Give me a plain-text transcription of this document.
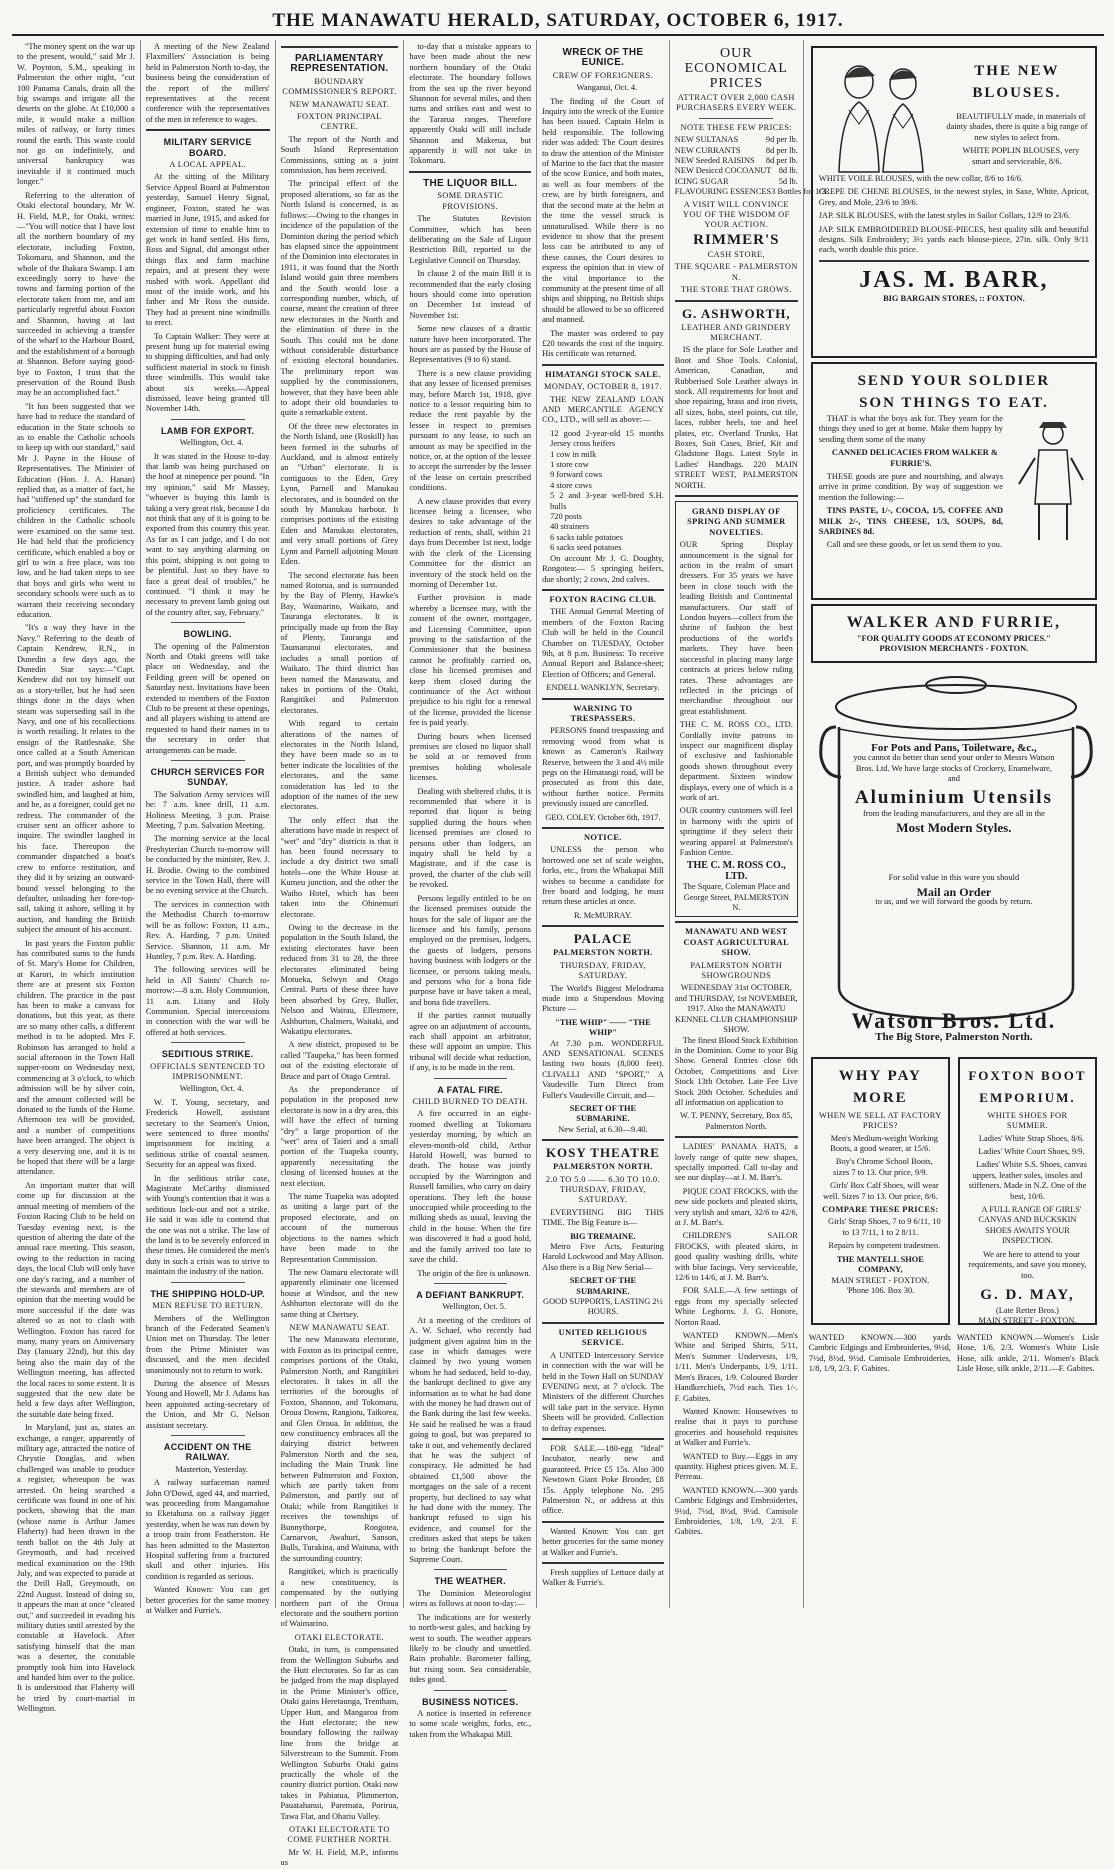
THE MANAWATU HERALD, SATURDAY, OCTOBER 6, 1917.

"The money spent on the war up to the present, would," said Mr J. W. Poynton, S.M., speaking in Palmerston the other night, "cut 100 Panama Canals, drain all the big swamps and irrigate all the deserts on the globe. At £10,000 a mile, it would make a million miles of railway, or forty times round the earth. This waste could not go on indefinitely, and universal bankruptcy was inevitable if it continued much longer."

Referring to the alteration of Otaki electoral boundary, Mr W. H. Field, M.P., for Otaki, writes:—"You will notice that I have lost all the northern boundary of my electorate, including Foxton, Tokomaru, and Shannon, and the whole of the Ihakara Swamp. I am exceedingly sorry to have the towns and farming portion of the electorate taken from me, and am particularly regretful about Foxton and Shannon, having at last succeeded in achieving a transfer of the wharf to the Harbour Board, and the establishment of a borough at Shannon. Before saying good-bye to Foxton, I trust that the preservation of the Round Bush may be an accomplished fact."

"It has been suggested that we have had to reduce the standard of education in the State schools so as to enable the Catholic schools to keep up with our standard," said Mr J. Payne in the House of Representatives. The Minister of Education (Hon. J. A. Hanan) replied that, as a matter of fact, he had "stiffened up" the standard for proficiency certificates. The children in the Catholic schools were examined on the same test. He had held that the proficiency certificate, which enabled a boy or girl to win a free place, was too low, and he had taken steps to see that boys and girls who went to secondary schools were such as to warrant their receiving secondary education.

"It's a way they have in the Navy." Referring to the death of Captain Kendrew, R.N., in Dunedin a few days ago, the Dunedin Star says:—"Capt. Kendrew did not toy himself out as a story-teller, but he had seen things done in the days when steam was superseding sail in the Navy, and one of his recollections is worth retailing. It relates to the ensign of the Rattlesnake. She once called at a South American port, and was promptly boarded by a British subject who demanded justice. A trader ashore had swindled him, and laughed at him, and he, as a foreigner, could get no redress. The commander of the cruiser sent an officer ashore to inquire. The swindler laughed in his face. Thereupon the commander dispatched a boat's crew to enforce restitution, and they did it by seizing an outward-bound vessel belonging to the defaulter, unloading her fore-top-sail, taking it ashore, selling it by auction, and handing the British subject the amount of his account.

In past years the Foxton public has contributed sums to the funds of St. Mary's Home for Children, at Karori, in which institution there are at present six Foxton children. The practice in the past has been to make a canvass for donations, but this year, as there are so many other calls, a different method is to be adopted. Mrs F. Robinson has arranged to hold a social afternoon in the Town Hall supper-room on Wednesday next, commencing at 3 o'clock, to which admission will be by silver coin, and the amount collected will be donated to the funds of the Home. Afternoon tea will be provided, and a number of competitions have been arranged. The object is a very deserving one, and it is to be hoped that there will be a large attendance.

An important matter that will come up for discussion at the annual meeting of members of the Foxton Racing Club to be held on Tuesday evening next, is the question of altering the date of the annual race meeting. This season, owing to the reduction in racing days, the local Club will only have one day's racing, and a number of the stewards and members are of opinion that the meeting would be more successful if the date was altered so as not to clash with Wellington. Foxton has raced for many, many years on Anniversary Day (January 22nd), but this day being also the main day of the Wellington meeting, has affected the local races to some extent. It is suggested that the new date be held a few days after Wellington, the suitable date being fixed.

In Maryland, just as, states an exchange, a ranger, apparently of military age, attracted the notice of Chrystie Douglas, and when challenged was unable to produce a register, whereupon he was arrested. On being searched a certificate was found in one of his pockets, showing that the man (whose name is Arthur James Flaherty) had been drawn in the tenth ballot on the 4th July at Greymouth, and had received medical examination on the 19th July, and was expected to parade at the Drill Hall, Greymouth, on 22nd August. Instead of doing so, it appears the man at once "cleared out," and succeeded in evading his military duties until arrested by the constable at Havelock. After satisfying himself that the man was a deserter, the constable promptly took him into Havelock and handed him over to the police. It is understood that Flaherty will be tried by court-martial in Wellington.

A meeting of the New Zealand Flaxmillers' Association is being held in Palmerston North to-day, the business being the consideration of the report of the millers' representatives at the recent conference with the representatives of the men in reference to wages.

MILITARY SERVICE BOARD.
A LOCAL APPEAL.

At the sitting of the Military Service Appeal Board at Palmerston yesterday, Samuel Henry Signal, engineer, Foxton, stated he was married in June, 1915, and asked for extension of time to enable him to get work in hand settled. His firm, Ross and Signal, did amongst other things flax and farm machine repairs, and at present they were rushed with work. Appellant did most of the inside work, and his father and Mr Ross the outside. They had at present nine windmills to erect.

To Captain Walker: They were at present hung up for material owing to shipping difficulties, and had only sufficient material in stock to finish three windmills. This would take about six weeks.—Appeal dismissed, leave being granted till November 14th.

LAMB FOR EXPORT.

Wellington, Oct. 4.

It was stated in the House to-day that lamb was being purchased on the hoof at ninepence per pound. "In my opinion," said Mr Massey, "whoever is buying this lamb is taking a very great risk, because I do not think that any of it is going to be exported from this country this year. As far as I can judge, and I do not want to say anything alarming on this point, shipping is not going to be plentiful. Just so they have to face a great deal of troubles," he continued. "I think it may be necessary to prevent lamb going out of the country after, say, February."

BOWLING.

The opening of the Palmerston North and Otaki greens will take place on Wednesday, and the Feilding green will be opened on Saturday next. Invitations have been extended to members of the Foxton Club to be present at these openings, and all players wishing to attend are requested to hand their names in to the secretary in order that arrangements can be made.

CHURCH SERVICES FOR SUNDAY.

The Salvation Army services will be: 7 a.m. knee drill, 11 a.m. Holiness Meeting, 3 p.m. Praise Meeting, 7 p.m. Salvation Meeting.

The morning service at the local Presbyterian Church to-morrow will be conducted by the minister, Rev. J. H. Brodie. Owing to the combined service in the Town Hall, there will be no evening service at the Church.

The services in connection with the Methodist Church to-morrow will be as follow: Foxton, 11 a.m., Rev. A. Harding, 7 p.m. United Service. Shannon, 11 a.m. Mr Huntley, 7 p.m. Rev. A. Harding.

The following services will be held in All Saints' Church to-morrow:—8 a.m. Holy Communion, 11 a.m. Litany and Holy Communion. Special intercessions in connection with the war will be offered at both services.

SEDITIOUS STRIKE.
OFFICIALS SENTENCED TO IMPRISONMENT.

Wellington, Oct. 4.

W. T. Young, secretary, and Frederick Howell, assistant secretary to the Seamen's Union, were sentenced to three months' imprisonment for inciting a seditious strike of coastal seamen. Security for an appeal was fixed.

In the seditious strike case, Magistrate McCarthy dismissed with Young's contention that it was a seditious lock-out and not a strike. He said it was idle to contend that the one was not a strike. The law of the land is to be severely enforced in these times. He considered the men's duty in such a crisis was to strive to maintain the industry of the nation.

THE SHIPPING HOLD-UP.
MEN REFUSE TO RETURN.

Members of the Wellington branch of the Federated Seamen's Union met on Thursday. The letter from the Prime Minister was discussed, and the men decided unanimously not to return to work.

During the absence of Messrs Young and Howell, Mr J. Adams has been appointed acting-secretary of the Union, and Mr G. Nelson assistant secretary.

ACCIDENT ON THE RAILWAY.

Masterton, Yesterday.

A railway surfaceman named John O'Dowd, aged 44, and married, was proceeding from Mangamahoe to Eketahuna on a railway jigger yesterday, when he was run down by a troop train from Featherston. He has been admitted to the Masterton Hospital suffering from a fractured skull and other injuries. His condition is regarded as serious.

Wanted Known: You can get better groceries for the same money at Walker and Furrie's.

PARLIAMENTARY REPRESENTATION.
BOUNDARY COMMISSIONER'S REPORT.
NEW MANAWATU SEAT.
FOXTON PRINCIPAL CENTRE.

The report of the North and South Island Representation Commissions, sitting as a joint commission, has been received.

The principal effect of the proposed alterations, so far as the North Island is concerned, is as follows:—Owing to the changes in incidence of the population of the Dominion during the period which has elapsed since the appointment of the Dominion into electorates in 1911, it was found that the North Island would gain three members and the South would lose a corresponding number, which, of course, meant the creation of three new electorates in the North and the elimination of three in the South. This could not be done without considerable disturbance of existing electoral boundaries. The preliminary report was supplied by the commissioners, however, that they have been able to adopt their old boundaries to quite a remarkable extent.

Of the three new electorates in the North Island, one (Roskill) has been formed in the suburbs of Auckland, and is almost entirely an "Urban" electorate. It is contiguous to the Eden, Grey Lynn, Parnell and Manukau electorates, and is bounded on the south by Manukau harbour. It comprises portions of the existing Eden and Manukau electorates, and very small portions of Grey Lynn and Parnell adjoining Mount Eden.

The second electorate has been named Rotorua, and is surrounded by the Bay of Plenty, Hawke's Bay, Waimarino, Waikato, and Tauranga electorates. It is principally made up from the Bay of Plenty, Tauranga and Taumarunui electorates, and includes a small portion of Waikato. The third district has been named the Manawatu, and takes in portions of the Otaki, Rangitikei and Palmerston electorates.

With regard to certain alterations of the names of electorates in the North Island, they have been made so as to better indicate the localities of the electorates, and the same consideration has led to the adoption of the names of the new electorates.

The only effect that the alterations have made in respect of "wet" and "dry" districts is that it has been found necessary to include a dry district two small hotels—one the White House at Kumeu junction, and the other the Waiho Hotel, which has been taken into the Ohinemuri electorate.

Owing to the decrease in the population in the South Island, the existing electorates have been reduced from 31 to 28, the three electorates eliminated being Motueka, Selwyn and Otago Central. Parts of these three have been absorbed by Grey, Buller, Nelson and Wairau, Ellesmere, Ashburton, Chalmers, Waitaki, and Wakatipu electorates.

A new district, proposed to be called "Taupeka," has been formed out of the existing electorate of Bruce and part of Otago Central.

As the preponderance of population in the proposed new electorate is now in a dry area, this will have the effect of turning "dry" a large proportion of the "wet" area of Taieri and a small portion of the Tuapeka county, apparently necessitating the closing of licensed houses at the next election.

The name Tuapeka was adopted as uniting a large part of the proposed electorate, and on account of the numerous objections to the names which have been made to the Representation Commission.

The new Oamaru electorate will apparently eliminate one licensed house at Windsor, and the new Ashburton electorate will do the same thing at Chertsey.

NEW MANAWATU SEAT.

The new Manawatu electorate, with Foxton as its principal centre, comprises portions of the Otaki, Palmerston North, and Rangitikei electorates. It takes in all the territories of the boroughs of Foxton, Shannon, and Tokomaru, Oroua Downs, Rangiotu, Taikorea, and Glen Oroua. In addition, the new constituency embraces all the dairying district between Palmerston North and the sea, including the Main Trunk line between Palmerston and Foxton, which are partly taken from Palmerston, and partly out of Otaki; while from Rangitikei it receives the townships of Bunnythorpe, Rongotea, Carnarvon, Awahuri, Sanson, Bulls, Turakina, and Waituna, with the surrounding country.

Rangitikei, which is practically a new constituency, is compensated by the outlying northern part of the Oroua electorate and the southern portion of Waimarino.

OTAKI ELECTORATE.

Otaki, in turn, is compensated from the Wellington Suburbs and the Hutt electorates. So far as can be judged from the map displayed in the Prime Minister's office, Otaki gains Heretaunga, Trentham, Upper Hutt, and Mangaroa from the Hutt electorate; the new boundary following the railway line from the bridge at Silverstream to the Summit. From Wellington Suburbs Otaki gains practically the whole of the country district portion. Otaki now takes in Pahiatua, Plimmerton, Pauatahanui, Paremata, Porirua, Tawa Flat, and Ohariu Valley.

OTAKI ELECTORATE TO COME FURTHER NORTH.

Mr W. H. Field, M.P., informs us

to-day that a mistake appears to have been made about the new northern boundary of the Otaki electorate. The boundary follows from the sea up the river beyond Shannon for several miles, and then turns and strikes east and west to the Tararua ranges. Therefore apparently Otaki will still include Shannon and Makerua, but apparently it will not take in Tokomaru.

THE LIQUOR BILL.
SOME DRASTIC PROVISIONS.

The Statutes Revision Committee, which has been deliberating on the Sale of Liquor Restriction Bill, reported to the Legislative Council on Thursday.

In clause 2 of the main Bill it is recommended that the early closing hours should come into operation on December 1st instead of November 1st.

Some new clauses of a drastic nature have been incorporated. The hours are as passed by the House of Representatives (9 to 6) stand.

There is a new clause providing that any lessee of licensed premises may, before March 1st, 1918, give notice to a lessor requiring him to reduce the rent payable by the lessee in respect to premises pursuant to any lease, to such an amount as may be specified in the notice, or, at the option of the lessee to accept the surrender by the lessee of the lease on certain prescribed conditions.

A new clause provides that every licensee being a licensee, who desires to take advantage of the reduction of rents, shall, within 21 days from December 1st next, lodge with the clerk of the Licensing Committee for the district an inventory of the stock held on the morning of December 1st.

Further provision is made whereby a licensee may, with the consent of the owner, mortgagee, and Licensing Committee, upon proving to the satisfaction of the Commissioner that the business cannot be profitably carried on, close his licensed premises and keep them closed during the continuance of the Act without prejudice to his right for a renewal of the license, provided the license fee is paid yearly.

During hours when licensed premises are closed no liquor shall be sold at or removed from premises holding wholesale licenses.

Dealing with sheltered clubs, it is recommended that where it is reported that liquor is being supplied during the hours when licensed premises are closed to persons other than lodgers, an inquiry shall be held by a Magistrate, and if the case is proved, the charter of the club will be revoked.

Persons legally entitled to be on the licensed premises outside the hours for the sale of liquor are the licensee and his family, persons employed on the premises, lodgers, the guests of lodgers, persons having business with lodgers or the licensee, or persons taking meals, and persons who for a bona fide purpose have or have taken a meal, and bona fide travellers.

If the parties cannot mutually agree on an adjustment of accounts, each shall appoint an arbitrator, these will appoint an umpire. This tribunal will decide what reduction, if any, is to be made in the rent.

A FATAL FIRE.
CHILD BURNED TO DEATH.

A fire occurred in an eight-roomed dwelling at Tokomaru yesterday morning, by which an eleven-month-old child, Arthur Harold Howell, was burned to death. The house was jointly occupied by the Warrington and Russell families, who carry on dairy operations. They left the house unoccupied while proceeding to the milking sheds as usual, leaving the child in the house. When the fire was discovered it had a good hold, and the family arrived too late to save the child.

The origin of the fire is unknown.

A DEFIANT BANKRUPT.

Wellington, Oct. 5.

At a meeting of the creditors of A. W. Schaef, who recently had judgment given against him in the case in which damages were claimed by two young women whom he had seduced, held to-day, the bankrupt declined to give any information as to what he had done with the money he had drawn out of the Bank during the last few weeks. He said he realised he was a fraud going to goal, but was prepared to take it out, and vehemently declared that he was the subject of conspiracy. He admitted he had obtained £1,500 above the mortgages on the sale of a recent property, but declined to say what he had done with the money. The bankrupt refused to sign his evidence, and counsel for the creditors asked that steps be taken to bring the bankrupt before the Supreme Court.

THE WEATHER.

The Dominion Meteorologist wires as follows at noon to-day:—

The indications are for westerly to north-west gales, and backing by west to south. The weather appears likely to be cloudy and unsettled. Rain probable. Barometer falling, but rising soon. Sea considerable, tides good.

BUSINESS NOTICES.

A notice is inserted in reference to some scale weights, forks, etc., taken from the Whakapai Mill.

WRECK OF THE EUNICE.
CREW OF FOREIGNERS.

Wanganui, Oct. 4.

The finding of the Court of Inquiry into the wreck of the Eunice has been issued. Captain Helm is held responsible. The following rider was added: The Court desires to draw the attention of the Minister of Marine to the fact that the master of the scow Eunice, and both mates, as well as four members of the crew, are by birth foreigners, and that the second mate at the helm at the time the vessel struck is unnaturalised. While there is no evidence to show that the present loss can be attributed to any of these causes, the Court desires to express the opinion that in view of the vital importance to the community at the present time of all ships and shipping, no British ships should be allowed to be so officered and manned.

The master was ordered to pay £20 towards the cost of the inquiry. His certificate was returned.

HIMATANGI STOCK SALE.
MONDAY, OCTOBER 8, 1917.

THE NEW ZEALAND LOAN AND MERCANTILE AGENCY CO., LTD., will sell as above:—

12 good 2-year-old 15 months Jersey cross heifers
1 cow in milk
1 store cow
9 forward cows
4 store cows
5 2 and 3-year well-bred S.H. bulls
720 posts
40 strainers
6 sacks table potatoes
6 sacks seed potatoes

On account Mr J. G. Doughty, Rongotea:— 5 springing heifers, due shortly; 2 cows, 2nd calves.

FOXTON RACING CLUB.

THE Annual General Meeting of members of the Foxton Racing Club will be held in the Council Chamber on TUESDAY, October 9th, at 8 p.m. Business: To receive Annual Report and Balance-sheet; Election of Officers; and General.

ENDELL WANKLYN, Secretary.
WARNING TO TRESPASSERS.

PERSONS found trespassing and removing wood from what is known as Cameron's Railway Reserve, between the 3 and 4½ mile pegs on the Himatangi road, will be prosecuted as from this date, without further notice. Permits previously issued are cancelled.

GEO. COLEY. October 6th, 1917.
NOTICE.

UNLESS the person who borrowed one set of scale weights, forks, etc., from the Whakapai Mill wishes to become a candidate for free board and lodging, he must return these articles at once.

R. McMURRAY.
PALACE
PALMERSTON NORTH.
THURSDAY, FRIDAY, SATURDAY.

The World's Biggest Melodrama made into a Stupendous Moving Picture —

"THE WHIP" —— "THE WHIP"

At 7.30 p.m. WONDERFUL AND SENSATIONAL SCENES lasting two hours (8,000 feet). CLIVALLI AND "SPORT," A Vaudeville Turn Direct from Fuller's Vaudeville Circuit, and—

SECRET OF THE SUBMARINE.
New Serial, at 6.30—9.40.
KOSY THEATRE
PALMERSTON NORTH.
2.0 TO 5.0 —— 6.30 TO 10.0. THURSDAY, FRIDAY, SATURDAY.

EVERYTHING BIG THIS TIME. The Big Feature is—

BIG TREMAINE.

Metro Five Acts, Featuring Harold Lockwood and May Allison. Also there is a Big New Serial—

SECRET OF THE SUBMARINE.
GOOD SUPPORTS, LASTING 2½ HOURS.
UNITED RELIGIOUS SERVICE.

A UNITED Intercessory Service in connection with the war will be held in the Town Hall on SUNDAY EVENING next, at 7 o'clock. The Ministers of the different Churches will take part in the service. Hymn Sheets will be provided. Collection to defray expenses.

FOR SALE.—180-egg "Ideal" Incubator, nearly new and guaranteed. Price £5 15s. Also 300 Newtown Giant Poke Brooder, £8 15s. Apply telephone No. 295 Palmerston N., or address at this office.

Wanted Known: You can get better groceries for the same money at Walker and Furrie's.

Fresh supplies of Lettuce daily at Walker & Furrie's.

OUR ECONOMICAL
PRICES
ATTRACT OVER 2,000 CASH PURCHASERS EVERY WEEK.
NOTE THESE FEW PRICES:
NEW SULTANAS	9d per lb.
NEW CURRANTS	8d per lb.
NEW Seeded RAISINS 8d per lb.
NEW Desiccd COCOANUT 8d lb.
ICING SUGAR	5d lb.
FLAVOURING ESSENCES 3 Bottles for 1/3.
A VISIT WILL CONVINCE YOU OF THE WISDOM OF YOUR ACTION.
RIMMER'S
CASH STORE,
THE SQUARE - PALMERSTON N.
THE STORE THAT GROWS.
G. ASHWORTH,
LEATHER AND GRINDERY MERCHANT.

IS the place for Sole Leather and Boot and Shoe Tools. Colonial, American, Canadian, and Rubberised Sole Leather always in stock. All requirements for boot and shoe repairing, brass and iron rivets, all sizes, hobs, steel points, cut tile, laces, rubber heels, toe and heel plates, etc. Overland Trunks, Hat Boxes, Suit Cases, Brief, Kit and Gladstone Bags. Latest Style in Ladies' Handbags. 220 MAIN STREET WEST, PALMERSTON NORTH.

GRAND DISPLAY OF SPRING AND SUMMER NOVELTIES.

OUR Spring Display announcement is the signal for action in the realm of smart dressers. For 35 years we have been in close touch with the leading British and Continental manufacturers. Our staff of London buyers—collect from the shrine of fashion the best productions of the world's markets. They have been successful in placing many large contracts at prices below ruling rates. These advantages are reflected in the pricings of merchandise throughout our great establishment.

THE C. M. ROSS CO., LTD. Cordially invite patrons to inspect our magnificent display of exclusive and fashionable goods shown throughout every department. Sixteen window displays, every one of which is a work of art.

OUR country customers will feel in harmony with the spirit of springtime if they select their wearing apparel at Palmerston's Fashion Centre.

THE C. M. ROSS CO., LTD.
The Square, Coleman Place and George Street, PALMERSTON N.
MANAWATU AND WEST COAST AGRICULTURAL SHOW.
PALMERSTON NORTH SHOWGROUNDS
WEDNESDAY 31st OCTOBER, and THURSDAY, 1st NOVEMBER, 1917. Also the MANAWATU KENNEL CLUB CHAMPIONSHIP SHOW.

The finest Blood Stock Exhibition in the Dominion. Come to your Big Show. General Entries close 6th October, Competitions and Live Stock 13th October. Late Fee Live Stock 20th October. Schedules and all information on application to

W. T. PENNY, Secretary, Box 85, Palmerston North.

LADIES' PANAMA HATS, a lovely range of quite new shapes, specially imported. Call to-day and see our display—at J. M. Barr's.

PIQUE COAT FROCKS, with the new side pockets and pleated skirts, very stylish and smart, 32/6 to 42/6, at J. M. Barr's.

CHILDREN'S SAILOR FROCKS, with pleated skirts, in good quality washing drills, white with blue facings. Very serviceable, 12/6 to 14/6, at J. M. Barr's.

FOR SALE.—A few settings of eggs from my specially selected White Leghorns. J. G. Honore, Norton Road.

WANTED KNOWN.—Men's White and Striped Shirts, 5/11, Men's Summer Undervests, 1/9, 1/11. Men's Underpants, 1/9, 1/11. Men's Braces, 1/9. Coloured Border Handkerchiefs, 7½d each. Ties 1/-. F. Gabites.

Wanted Known: Housewives to realise that it pays to purchase groceries and household requisites at Walker and Furrie's.

WANTED to Buy.—Eggs in any quantity. Highest prices given. M. E. Perreau.

WANTED KNOWN.—300 yards Cambric Edgings and Embroideries, 9½d, 7½d, 8½d, 9½d. Camisole Embroideries, 1/8, 1/9, 2/3. F. Gabites.

THE NEW BLOUSES.

BEAUTIFULLY made, in materials of dainty shades, there is quite a big range of new styles to select from.

WHITE POPLIN BLOUSES, very smart and serviceable, 8/6.

WHITE VOILE BLOUSES, with the new collar, 8/6 to 16/6.

CREPE DE CHENE BLOUSES, in the newest styles, in Saxe, White, Apricot, Grey, and Mole, 23/6 to 39/6.

JAP. SILK BLOUSES, with the latest styles in Sailor Collars, 12/9 to 23/6.

JAP. SILK EMBROIDERED BLOUSE-PIECES, best quality silk and beautiful designs. Silk Embroidery; 3½ yards each blouse-piece, 27in. silk. Only 9/11 each, worth double this price.

JAS. M. BARR,
BIG BARGAIN STORES, :: FOXTON.
SEND YOUR SOLDIER
SON THINGS TO EAT.

THAT is what the boys ask for. They yearn for the things they used to get at home. Make them happy by sending them some of the many

CANNED DELICACIES FROM WALKER & FURRIE'S.

THESE goods are pure and nourishing, and always arrive in prime condition. By way of suggestion we mention the following:—

TINS PASTE, 1/-, COCOA, 1/5, COFFEE AND MILK 2/-, TINS CHEESE, 1/3, SOUPS, 8d, SARDINES 8d.

Call and see these goods, or let us send them to you.

WALKER AND FURRIE,
"FOR QUALITY GOODS AT ECONOMY PRICES."
PROVISION MERCHANTS - FOXTON.
For Pots and Pans, Toiletware, &c.,

you cannot do better than send your order to Messrs Watson Bros. Ltd. We have large stocks of Crockery, Enamelware, and

Aluminium Utensils

from the leading manufacturers, and they are all in the

Most Modern Styles.

For solid value in this ware you should

Mail an Order

to us, and we will forward the goods by return.

Watson Bros. Ltd.
The Big Store, Palmerston North.
WHY PAY
MORE
WHEN WE SELL AT FACTORY PRICES?

Men's Medium-weight Working Boots, a good wearer, at 15/6.

Boy's Chrome School Boots, sizes 7 to 13. Our price, 9/9.

Girls' Box Calf Shoes, will wear well. Sizes 7 to 13. Our price, 8/6.

COMPARE THESE PRICES:

Girls' Strap Shoes, 7 to 9 6/11, 10 to 13 7/11, 1 to 2 8/11.

Repairs by competent tradesmen.

THE MANTELL SHOE COMPANY,
MAIN STREET - FOXTON.
'Phone 106. Box 30.
FOXTON BOOT
EMPORIUM.
WHITE SHOES FOR SUMMER.

Ladies' White Strap Shoes, 8/6.

Ladies' White Court Shoes, 9/9.

Ladies' White S.S. Shoes, canvas uppers, leather soles, insoles and stiffeners. Made in N.Z. One of the best, 10/6.

A FULL RANGE OF GIRLS' CANVAS AND BUCKSKIN SHOES AWAITS YOUR INSPECTION.

We are here to attend to your requirements, and save you money, too.

G. D. MAY,
(Late Retter Bros.)
MAIN STREET - FOXTON.

WANTED KNOWN.—300 yards Cambric Edgings and Embroideries, 9½d, 7½d, 8½d, 9½d. Camisole Embroideries, 1/8, 1/9, 2/3. F. Gabites.

WANTED KNOWN.—Women's Lisle Hose, 1/6, 2/3. Women's White Lisle Hose, silk ankle, 2/11. Women's Black Lisle Hose, silk ankle, 2/11.—F. Gabites.
